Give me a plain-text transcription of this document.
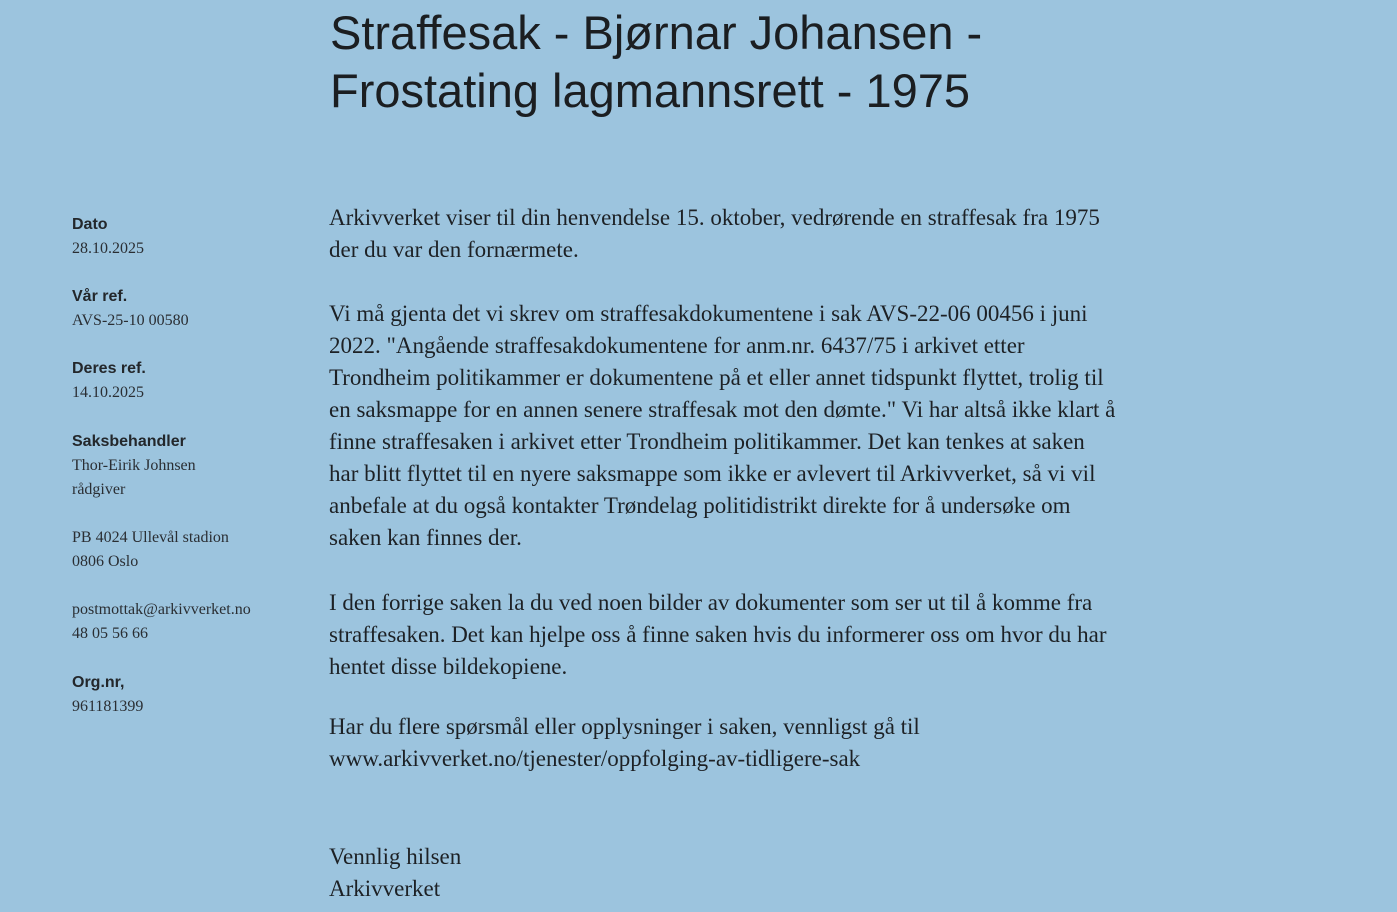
Straffesak - Bjørnar Johansen -
Frostating lagmannsrett - 1975
Dato
28.10.2025
Vår ref.
AVS-25-10 00580
Deres ref.
14.10.2025
Saksbehandler
Thor-Eirik Johnsen
rådgiver
PB 4024 Ullevål stadion
0806 Oslo
postmottak@arkivverket.no
48 05 56 66
Org.nr,
961181399
Arkivverket viser til din henvendelse 15. oktober, vedrørende en straffesak fra 1975
der du var den fornærmete.
Vi må gjenta det vi skrev om straffesakdokumentene i sak AVS-22-06 00456 i juni
2022. "Angående straffesakdokumentene for anm.nr. 6437/75 i arkivet etter
Trondheim politikammer er dokumentene på et eller annet tidspunkt flyttet, trolig til
en saksmappe for en annen senere straffesak mot den dømte." Vi har altså ikke klart å
finne straffesaken i arkivet etter Trondheim politikammer. Det kan tenkes at saken
har blitt flyttet til en nyere saksmappe som ikke er avlevert til Arkivverket, så vi vil
anbefale at du også kontakter Trøndelag politidistrikt direkte for å undersøke om
saken kan finnes der.
I den forrige saken la du ved noen bilder av dokumenter som ser ut til å komme fra
straffesaken. Det kan hjelpe oss å finne saken hvis du informerer oss om hvor du har
hentet disse bildekopiene.
Har du flere spørsmål eller opplysninger i saken, vennligst gå til
www.arkivverket.no/tjenester/oppfolging-av-tidligere-sak
Vennlig hilsen
Arkivverket
